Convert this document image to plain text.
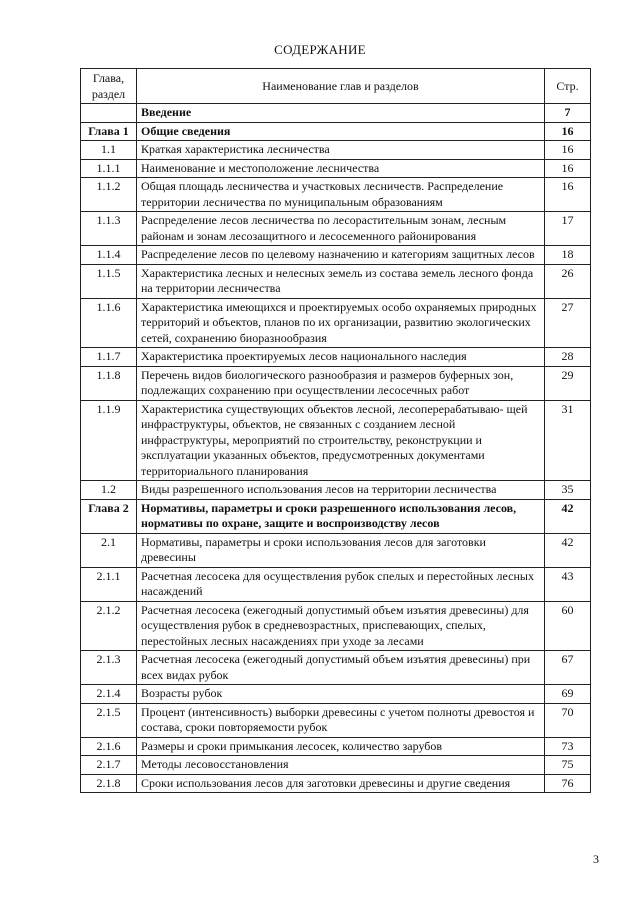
СОДЕРЖАНИЕ
Глава, раздел	Наименование глав и разделов	Стр.
	Введение	7
Глава 1	Общие сведения	16
1.1	Краткая характеристика лесничества	16
1.1.1	Наименование и местоположение лесничества	16
1.1.2	Общая площадь лесничества и участковых лесничеств. Распределение территории лесничества по муниципальным образованиям	16
1.1.3	Распределение лесов лесничества по лесорастительным зонам, лесным районам и зонам лесозащитного и лесосеменного районирования	17
1.1.4	Распределение лесов по целевому назначению и категориям защитных лесов	18
1.1.5	Характеристика лесных и нелесных земель из состава земель лесного фонда на территории лесничества	26
1.1.6	Характеристика имеющихся и проектируемых особо охраняемых природных территорий и объектов, планов по их организации, развитию экологических сетей, сохранению биоразнообразия	27
1.1.7	Характеристика проектируемых лесов национального наследия	28
1.1.8	Перечень видов биологического разнообразия и размеров буферных зон, подлежащих сохранению при осуществлении лесосечных работ	29
1.1.9	Характеристика существующих объектов лесной, лесоперерабатываю- щей инфраструктуры, объектов, не связанных с созданием лесной инфраструктуры, мероприятий по строительству, реконструкции и эксплуатации указанных объектов, предусмотренных документами территориального планирования	31
1.2	Виды разрешенного использования лесов на территории лесничества	35
Глава 2	Нормативы, параметры и сроки разрешенного использования лесов, нормативы по охране, защите и воспроизводству лесов	42
2.1	Нормативы, параметры и сроки использования лесов для заготовки древесины	42
2.1.1	Расчетная лесосека для осуществления рубок спелых и перестойных лесных насаждений	43
2.1.2	Расчетная лесосека (ежегодный допустимый объем изъятия древесины) для осуществления рубок в средневозрастных, приспевающих, спелых, перестойных лесных насаждениях при уходе за лесами	60
2.1.3	Расчетная лесосека (ежегодный допустимый объем изъятия древесины) при всех видах рубок	67
2.1.4	Возрасты рубок	69
2.1.5	Процент (интенсивность) выборки древесины с учетом полноты древостоя и состава, сроки повторяемости рубок	70
2.1.6	Размеры и сроки примыкания лесосек, количество зарубов	73
2.1.7	Методы лесовосстановления	75
2.1.8	Сроки использования лесов для заготовки древесины и другие сведения	76
3
